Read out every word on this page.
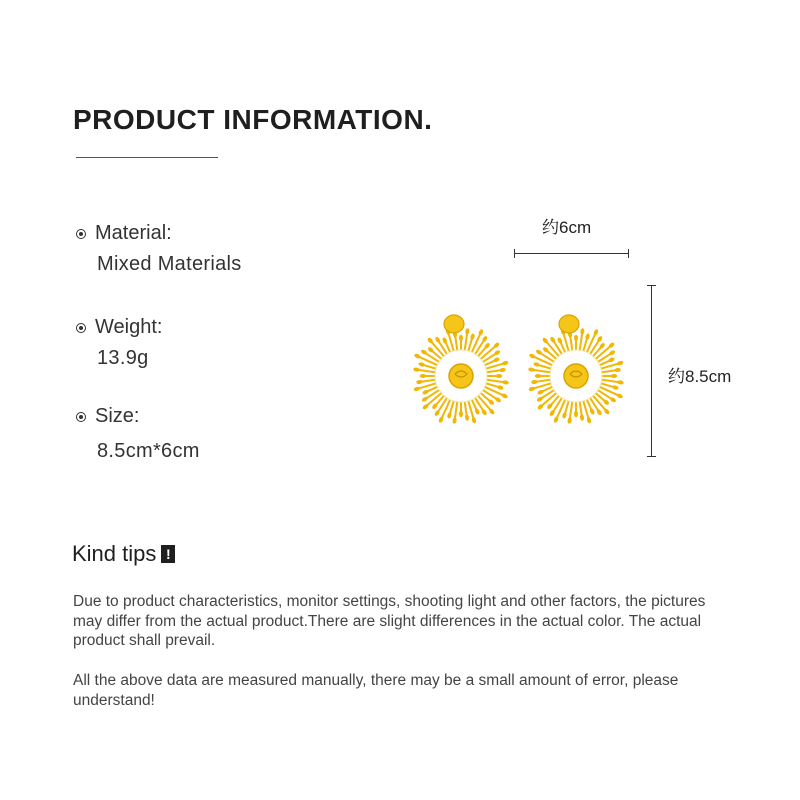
PRODUCT INFORMATION.
Material:
Mixed Materials
Weight:
13.9g
Size:
8.5cm*6cm
约6cm
约8.5cm
Kind tips !
Due to product characteristics, monitor settings, shooting light and other factors, the pictures may differ from the actual product.There are slight differences in the actual color. The actual product shall prevail.
All the above data are measured manually, there may be a small amount of error, please understand!
